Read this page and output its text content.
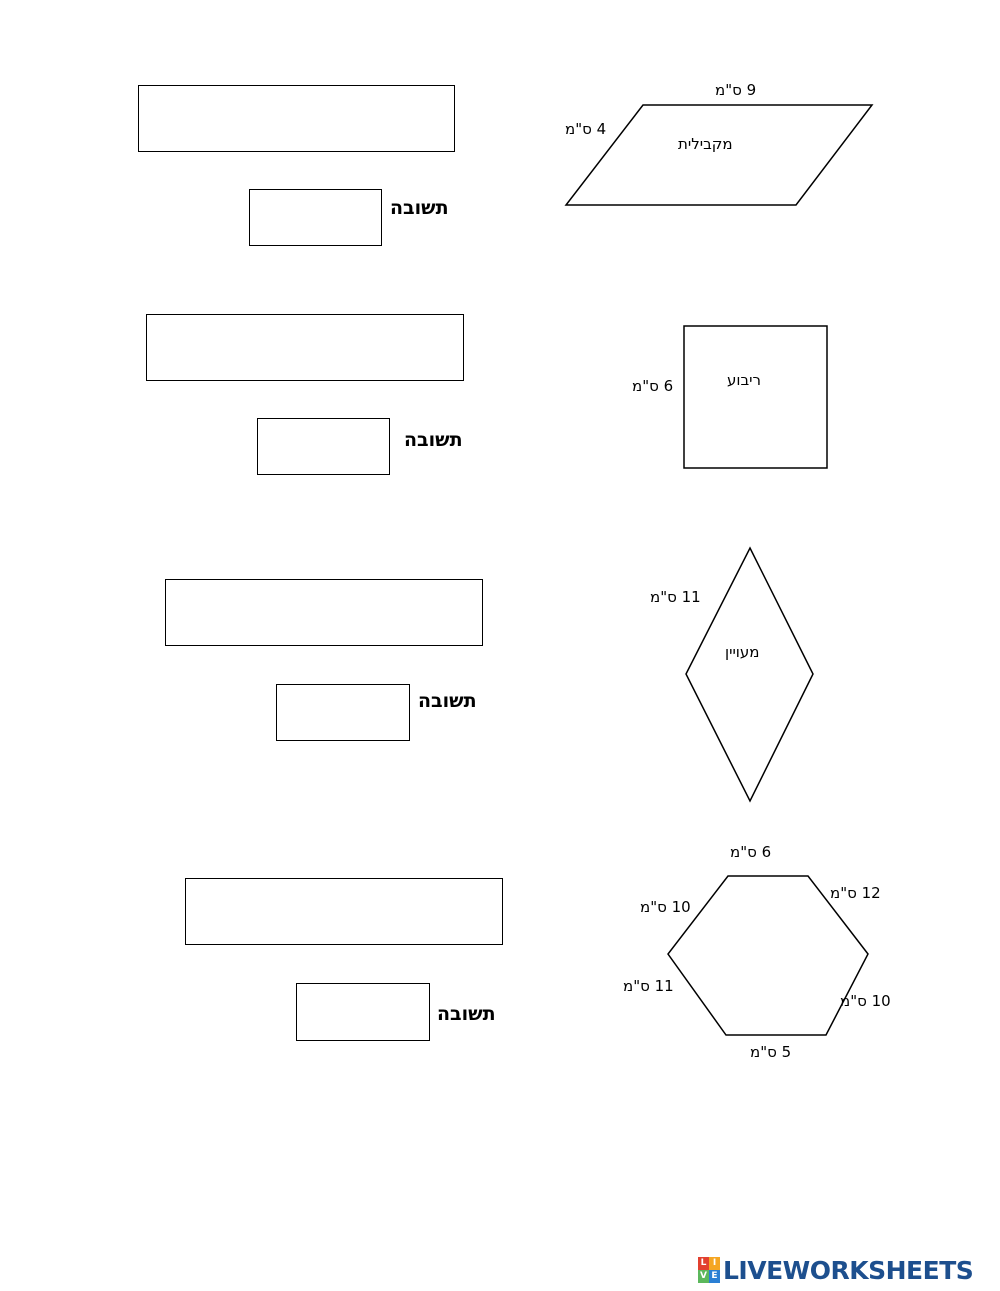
9 ס"מ
4 ס"מ
מקבילית
ריבוע
6 ס"מ
11 ס"מ
מעויין
6 ס"מ
12 ס"מ
10 ס"מ
11 ס"מ
10 ס"מ
5 ס"מ
תשובה
תשובה
תשובה
תשובה
L I
V E LIVEWORKSHEETS
